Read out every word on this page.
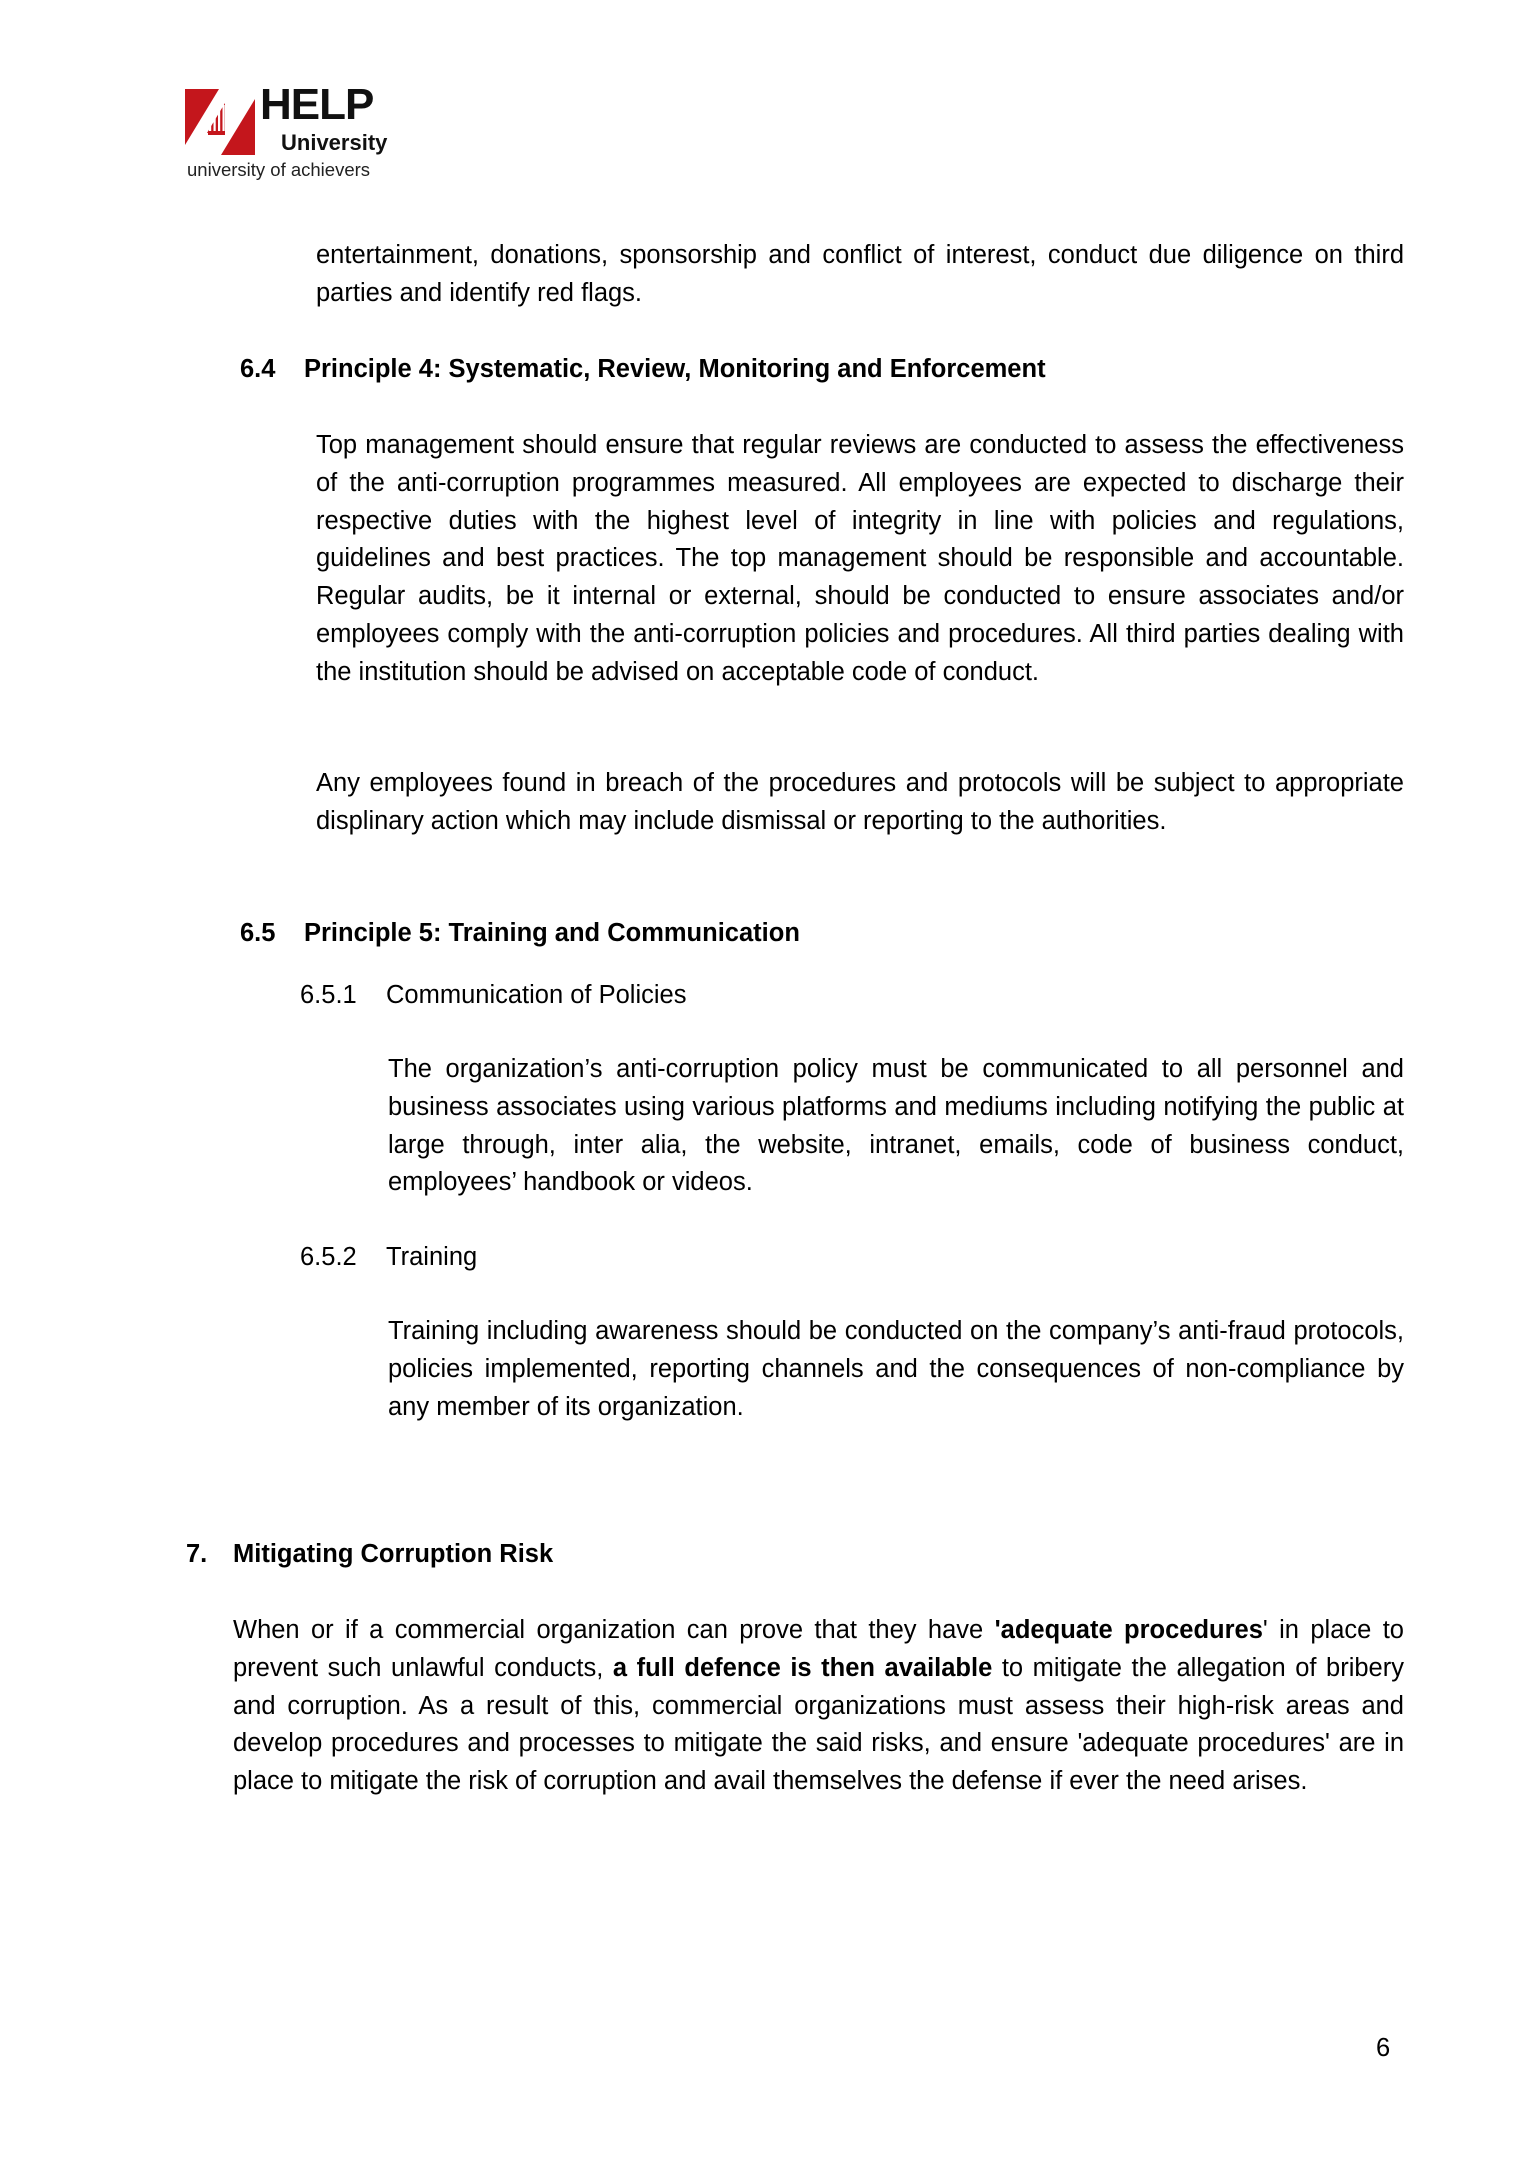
HELP
University
university of achievers

entertainment, donations, sponsorship and conflict of interest, conduct due diligence on third parties and identify red flags.

6.4 Principle 4: Systematic, Review, Monitoring and Enforcement

Top management should ensure that regular reviews are conducted to assess the effectiveness of the anti-corruption programmes measured. All employees are expected to discharge their respective duties with the highest level of integrity in line with policies and regulations, guidelines and best practices. The top management should be responsible and accountable. Regular audits, be it internal or external, should be conducted to ensure associates and/or employees comply with the anti-corruption policies and procedures. All third parties dealing with the institution should be advised on acceptable code of conduct.

Any employees found in breach of the procedures and protocols will be subject to appropriate displinary action which may include dismissal or reporting to the authorities.

6.5 Principle 5: Training and Communication
6.5.1 Communication of Policies

The organization’s anti-corruption policy must be communicated to all personnel and business associates using various platforms and mediums including notifying the public at large through, inter alia, the website, intranet, emails, code of business conduct, employees’ handbook or videos.

6.5.2 Training

Training including awareness should be conducted on the company’s anti-fraud protocols, policies implemented, reporting channels and the consequences of non-compliance by any member of its organization.

7. Mitigating Corruption Risk

When or if a commercial organization can prove that they have 'adequate procedures' in place to prevent such unlawful conducts, a full defence is then available to mitigate the allegation of bribery and corruption. As a result of this, commercial organizations must assess their high-risk areas and develop procedures and processes to mitigate the said risks, and ensure 'adequate procedures' are in place to mitigate the risk of corruption and avail themselves the defense if ever the need arises.

6
